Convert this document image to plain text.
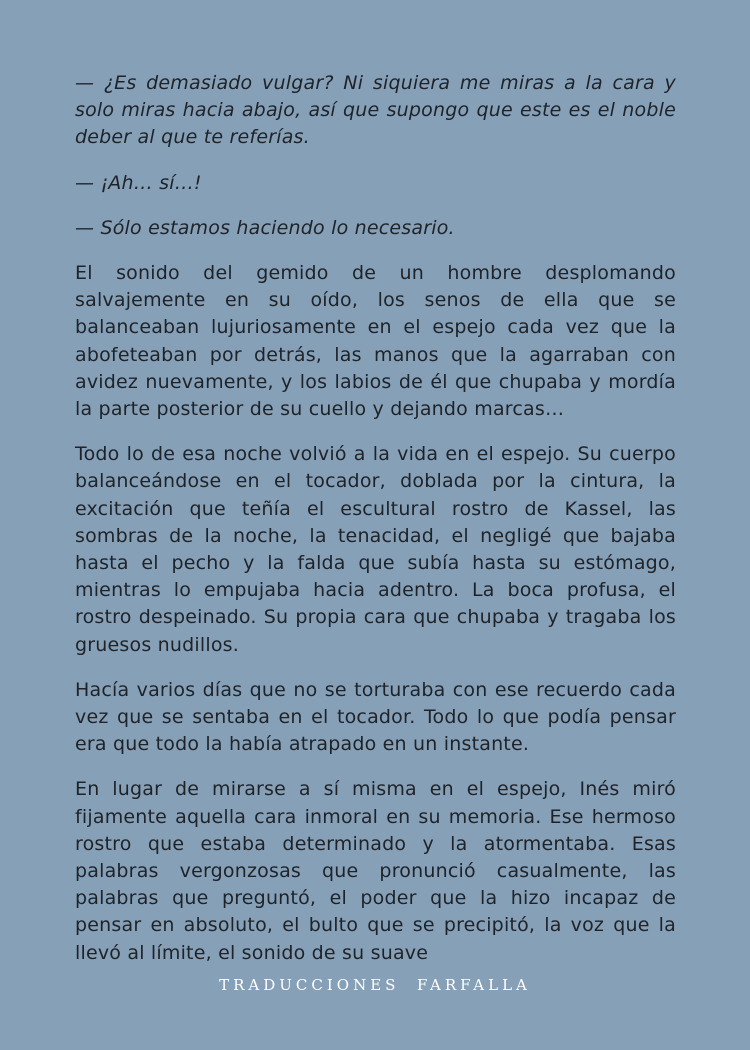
— ¿Es demasiado vulgar? Ni siquiera me miras a la cara y solo miras hacia abajo, así que supongo que este es el noble deber al que te referías.

— ¡Ah… sí…!

— Sólo estamos haciendo lo necesario.

El sonido del gemido de un hombre desplomando salvajemente en su oído, los senos de ella que se balanceaban lujuriosamente en el espejo cada vez que la abofeteaban por detrás, las manos que la agarraban con avidez nuevamente, y los labios de él que chupaba y mordía la parte posterior de su cuello y dejando marcas…

Todo lo de esa noche volvió a la vida en el espejo. Su cuerpo balanceándose en el tocador, doblada por la cintura, la excitación que teñía el escultural rostro de Kassel, las sombras de la noche, la tenacidad, el negligé que bajaba hasta el pecho y la falda que subía hasta su estómago, mientras lo empujaba hacia adentro. La boca profusa, el rostro despeinado. Su propia cara que chupaba y tragaba los gruesos nudillos.

Hacía varios días que no se torturaba con ese recuerdo cada vez que se sentaba en el tocador. Todo lo que podía pensar era que todo la había atrapado en un instante.

En lugar de mirarse a sí misma en el espejo, Inés miró fijamente aquella cara inmoral en su memoria. Ese hermoso rostro que estaba determinado y la atormentaba. Esas palabras vergonzosas que pronunció casualmente, las palabras que preguntó, el poder que la hizo incapaz de pensar en absoluto, el bulto que se precipitó, la voz que la llevó al límite, el sonido de su suave

TRADUCCIONES  FARFALLA
